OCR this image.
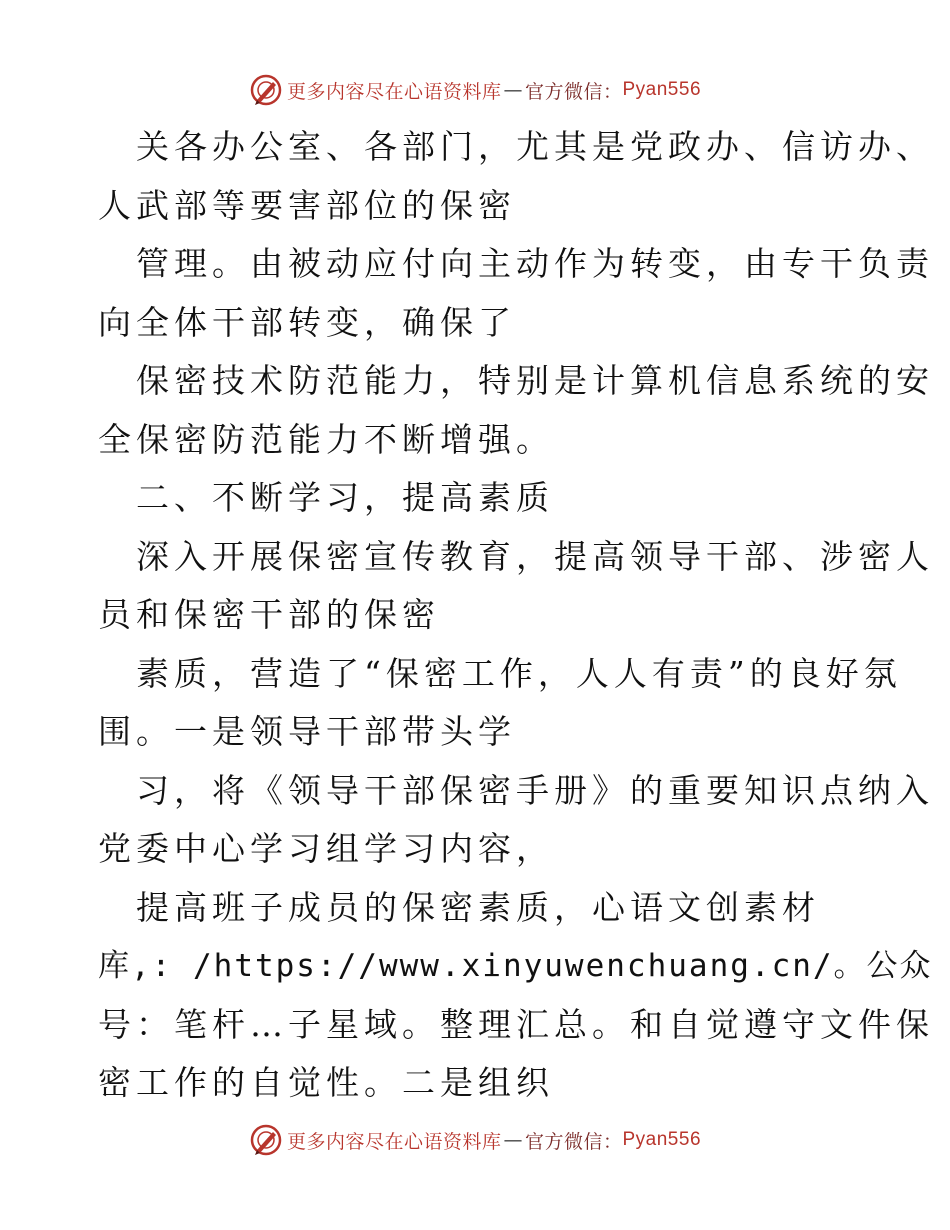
更多内容尽在心语资料库 — 官方微信： Pyan556
关各办公室、各部门，尤其是党政办、信访办、
人武部等要害部位的保密
管理。由被动应付向主动作为转变，由专干负责
向全体干部转变，确保了
保密技术防范能力，特别是计算机信息系统的安
全保密防范能力不断增强。
二、不断学习，提高素质
深入开展保密宣传教育，提高领导干部、涉密人
员和保密干部的保密
素质，营造了“保密工作，人人有责”的良好氛
围。一是领导干部带头学
习，将《领导干部保密手册》的重要知识点纳入
党委中心学习组学习内容，
提高班子成员的保密素质，心语文创素材
库,: /https://www.xinyuwenchuang.cn/。公众
号：笔杆…子星域。整理汇总。和自觉遵守文件保
密工作的自觉性。二是组织
更多内容尽在心语资料库 — 官方微信： Pyan556
